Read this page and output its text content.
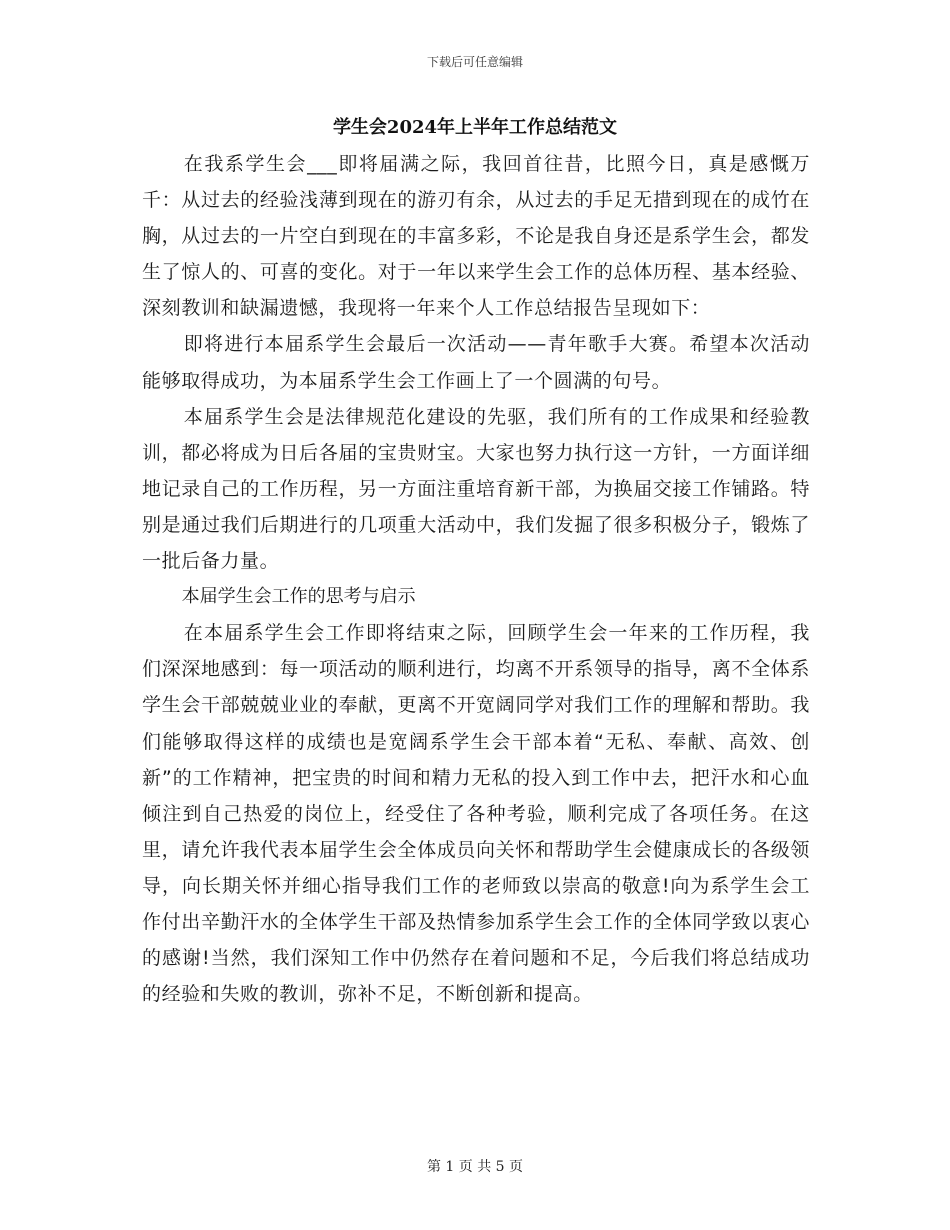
下载后可任意编辑
学生会2024年上半年工作总结范文

在我系学生会___即将届满之际，我回首往昔，比照今日，真是感慨万千：从过去的经验浅薄到现在的游刃有余，从过去的手足无措到现在的成竹在胸，从过去的一片空白到现在的丰富多彩，不论是我自身还是系学生会，都发生了惊人的、可喜的变化。对于一年以来学生会工作的总体历程、基本经验、深刻教训和缺漏遗憾，我现将一年来个人工作总结报告呈现如下：

即将进行本届系学生会最后一次活动——青年歌手大赛。希望本次活动能够取得成功，为本届系学生会工作画上了一个圆满的句号。

本届系学生会是法律规范化建设的先驱，我们所有的工作成果和经验教训，都必将成为日后各届的宝贵财宝。大家也努力执行这一方针，一方面详细地记录自己的工作历程，另一方面注重培育新干部，为换届交接工作铺路。特别是通过我们后期进行的几项重大活动中，我们发掘了很多积极分子，锻炼了一批后备力量。

本届学生会工作的思考与启示

在本届系学生会工作即将结束之际，回顾学生会一年来的工作历程，我们深深地感到：每一项活动的顺利进行，均离不开系领导的指导，离不全体系学生会干部兢兢业业的奉献，更离不开宽阔同学对我们工作的理解和帮助。我们能够取得这样的成绩也是宽阔系学生会干部本着“无私、奉献、高效、创新”的工作精神，把宝贵的时间和精力无私的投入到工作中去，把汗水和心血倾注到自己热爱的岗位上，经受住了各种考验，顺利完成了各项任务。在这里，请允许我代表本届学生会全体成员向关怀和帮助学生会健康成长的各级领导，向长期关怀并细心指导我们工作的老师致以崇高的敬意!向为系学生会工作付出辛勤汗水的全体学生干部及热情参加系学生会工作的全体同学致以衷心的感谢!当然，我们深知工作中仍然存在着问题和不足，今后我们将总结成功的经验和失败的教训，弥补不足，不断创新和提高。

第 1 页 共 5 页
